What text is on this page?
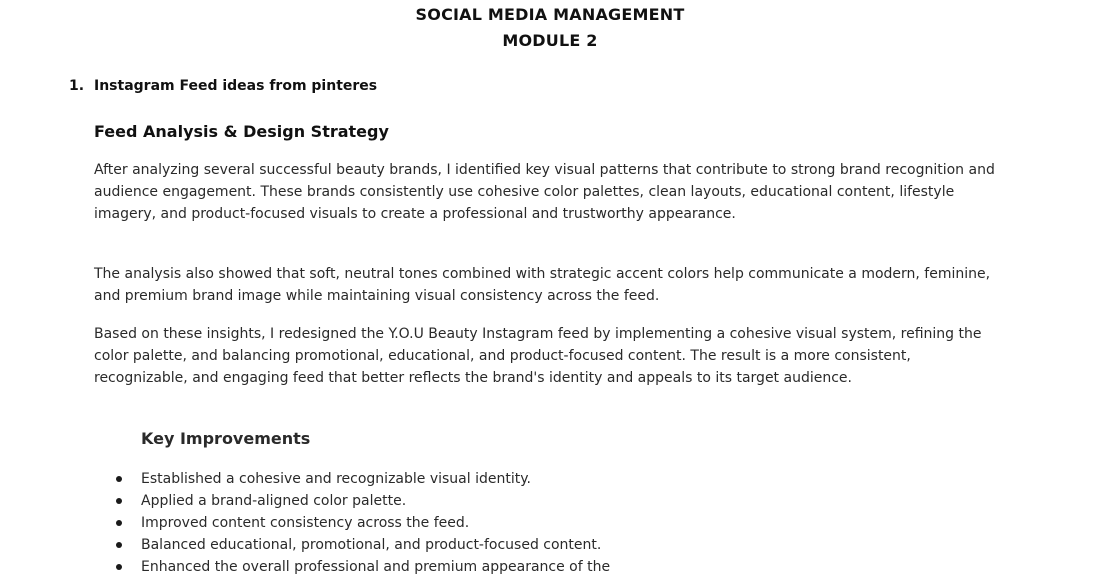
SOCIAL MEDIA MANAGEMENT
MODULE 2
1. Instagram Feed ideas from pinteres
Feed Analysis & Design Strategy

After analyzing several successful beauty brands, I identified key visual patterns that contribute to strong brand recognition and audience engagement. These brands consistently use cohesive color palettes, clean layouts, educational content, lifestyle imagery, and product-focused visuals to create a professional and trustworthy appearance.

The analysis also showed that soft, neutral tones combined with strategic accent colors help communicate a modern, feminine, and premium brand image while maintaining visual consistency across the feed.

Based on these insights, I redesigned the Y.O.U Beauty Instagram feed by implementing a cohesive visual system, refining the color palette, and balancing promotional, educational, and product-focused content. The result is a more consistent, recognizable, and engaging feed that better reflects the brand's identity and appeals to its target audience.

Key Improvements
Established a cohesive and recognizable visual identity.
Applied a brand-aligned color palette.
Improved content consistency across the feed.
Balanced educational, promotional, and product-focused content.
Enhanced the overall professional and premium appearance of the
